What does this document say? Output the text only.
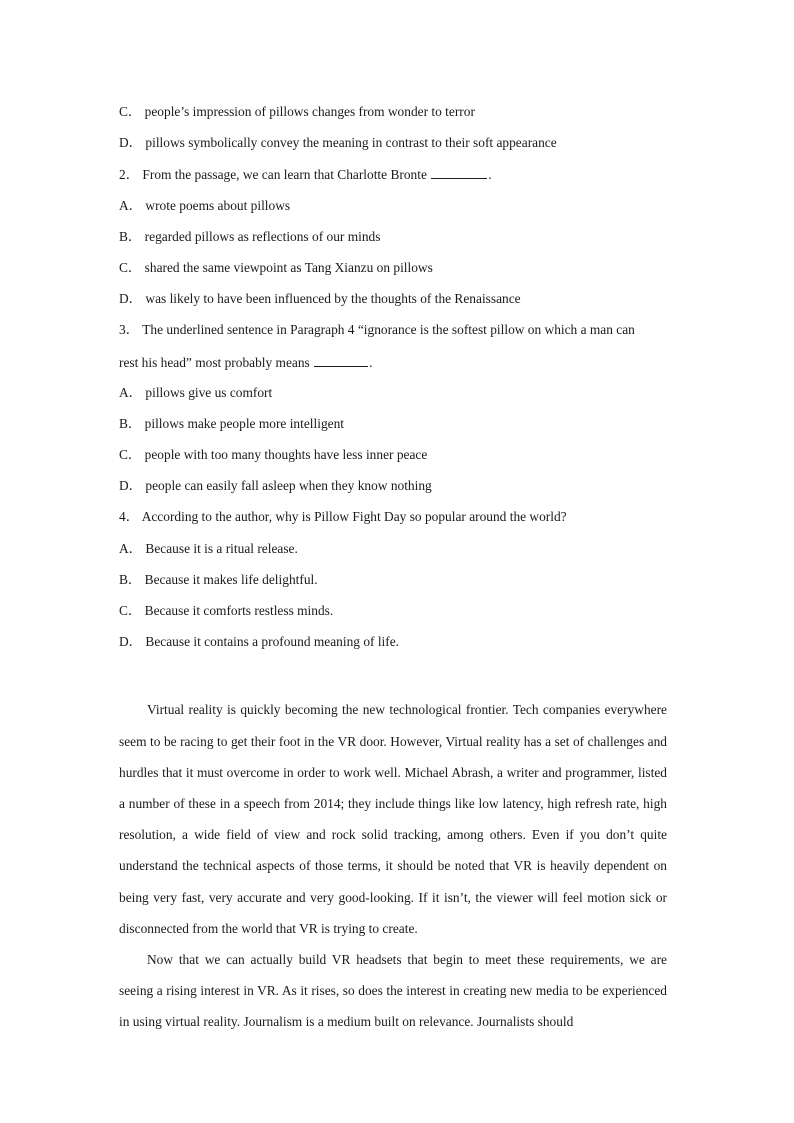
C． people’s impression of pillows changes from wonder to terror
D． pillows symbolically convey the meaning in contrast to their soft appearance
2． From the passage, we can learn that Charlotte Bronte	.
A． wrote poems about pillows
B． regarded pillows as reflections of our minds
C． shared the same viewpoint as Tang Xianzu on pillows
D． was likely to have been influenced by the thoughts of the Renaissance
3． The underlined sentence in Paragraph 4 “ignorance is the softest pillow on which a man can
rest his head” most probably means	.
A． pillows give us comfort
B． pillows make people more intelligent
C． people with too many thoughts have less inner peace
D． people can easily fall asleep when they know nothing
4． According to the author, why is Pillow Fight Day so popular around the world?
A． Because it is a ritual release.
B． Because it makes life delightful.
C． Because it comforts restless minds.
D． Because it contains a profound meaning of life.

Virtual reality is quickly becoming the new technological frontier. Tech companies everywhere seem to be racing to get their foot in the VR door. However, Virtual reality has a set of challenges and hurdles that it must overcome in order to work well. Michael Abrash, a writer and programmer, listed a number of these in a speech from 2014; they include things like low latency, high refresh rate, high resolution, a wide field of view and rock solid tracking, among others. Even if you don’t quite understand the technical aspects of those terms, it should be noted that VR is heavily dependent on being very fast, very accurate and very good-looking. If it isn’t, the viewer will feel motion sick or disconnected from the world that VR is trying to create.

Now that we can actually build VR headsets that begin to meet these requirements, we are seeing a rising interest in VR. As it rises, so does the interest in creating new media to be experienced in using virtual reality. Journalism is a medium built on relevance. Journalists should
